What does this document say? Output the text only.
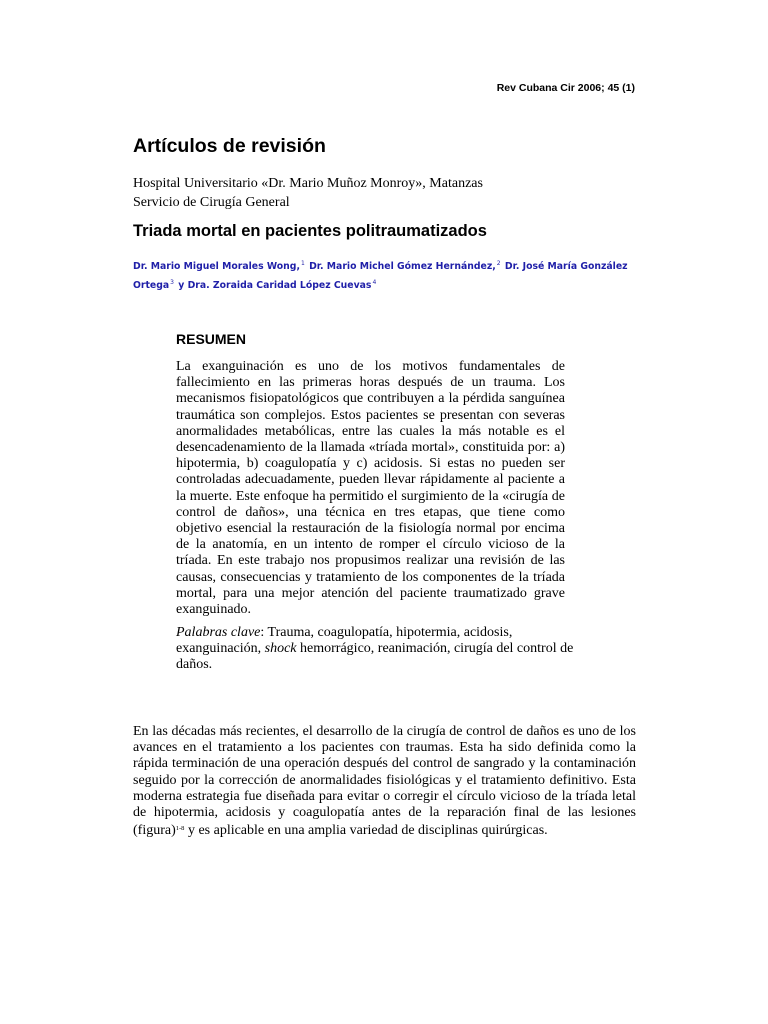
Rev Cubana Cir 2006; 45 (1)
Artículos de revisión
Hospital Universitario «Dr. Mario Muñoz Monroy», Matanzas
Servicio de Cirugía General
Triada mortal en pacientes politraumatizados
Dr. Mario Miguel Morales Wong,$^1$ Dr. Mario Michel Gómez Hernández,$^2$ Dr. José María González Ortega$^3$ y Dra. Zoraida Caridad López Cuevas$^4$
RESUMEN

La exanguinación es uno de los motivos fundamentales de fallecimiento en las primeras horas después de un trauma. Los mecanismos fisiopatológicos que contribuyen a la pérdida sanguínea traumática son complejos. Estos pacientes se presentan con severas anormalidades metabólicas, entre las cuales la más notable es el desencadenamiento de la llamada «tríada mortal», constituida por: a) hipotermia, b) coagulopatía y c) acidosis. Si estas no pueden ser controladas adecuadamente, pueden llevar rápidamente al paciente a la muerte. Este enfoque ha permitido el surgimiento de la «cirugía de control de daños», una técnica en tres etapas, que tiene como objetivo esencial la restauración de la fisiología normal por encima de la anatomía, en un intento de romper el círculo vicioso de la tríada. En este trabajo nos propusimos realizar una revisión de las causas, consecuencias y tratamiento de los componentes de la tríada mortal, para una mejor atención del paciente traumatizado grave exanguinado.

Palabras clave: Trauma, coagulopatía, hipotermia, acidosis, exanguinación, shock hemorrágico, reanimación, cirugía del control de daños.

En las décadas más recientes, el desarrollo de la cirugía de control de daños es uno de los avances en el tratamiento a los pacientes con traumas. Esta ha sido definida como la rápida terminación de una operación después del control de sangrado y la contaminación seguido por la corrección de anormalidades fisiológicas y el tratamiento definitivo. Esta moderna estrategia fue diseñada para evitar o corregir el círculo vicioso de la tríada letal de hipotermia, acidosis y coagulopatía antes de la reparación final de las lesiones (figura)$^{1-8}$ y es aplicable en una amplia variedad de disciplinas quirúrgicas.
